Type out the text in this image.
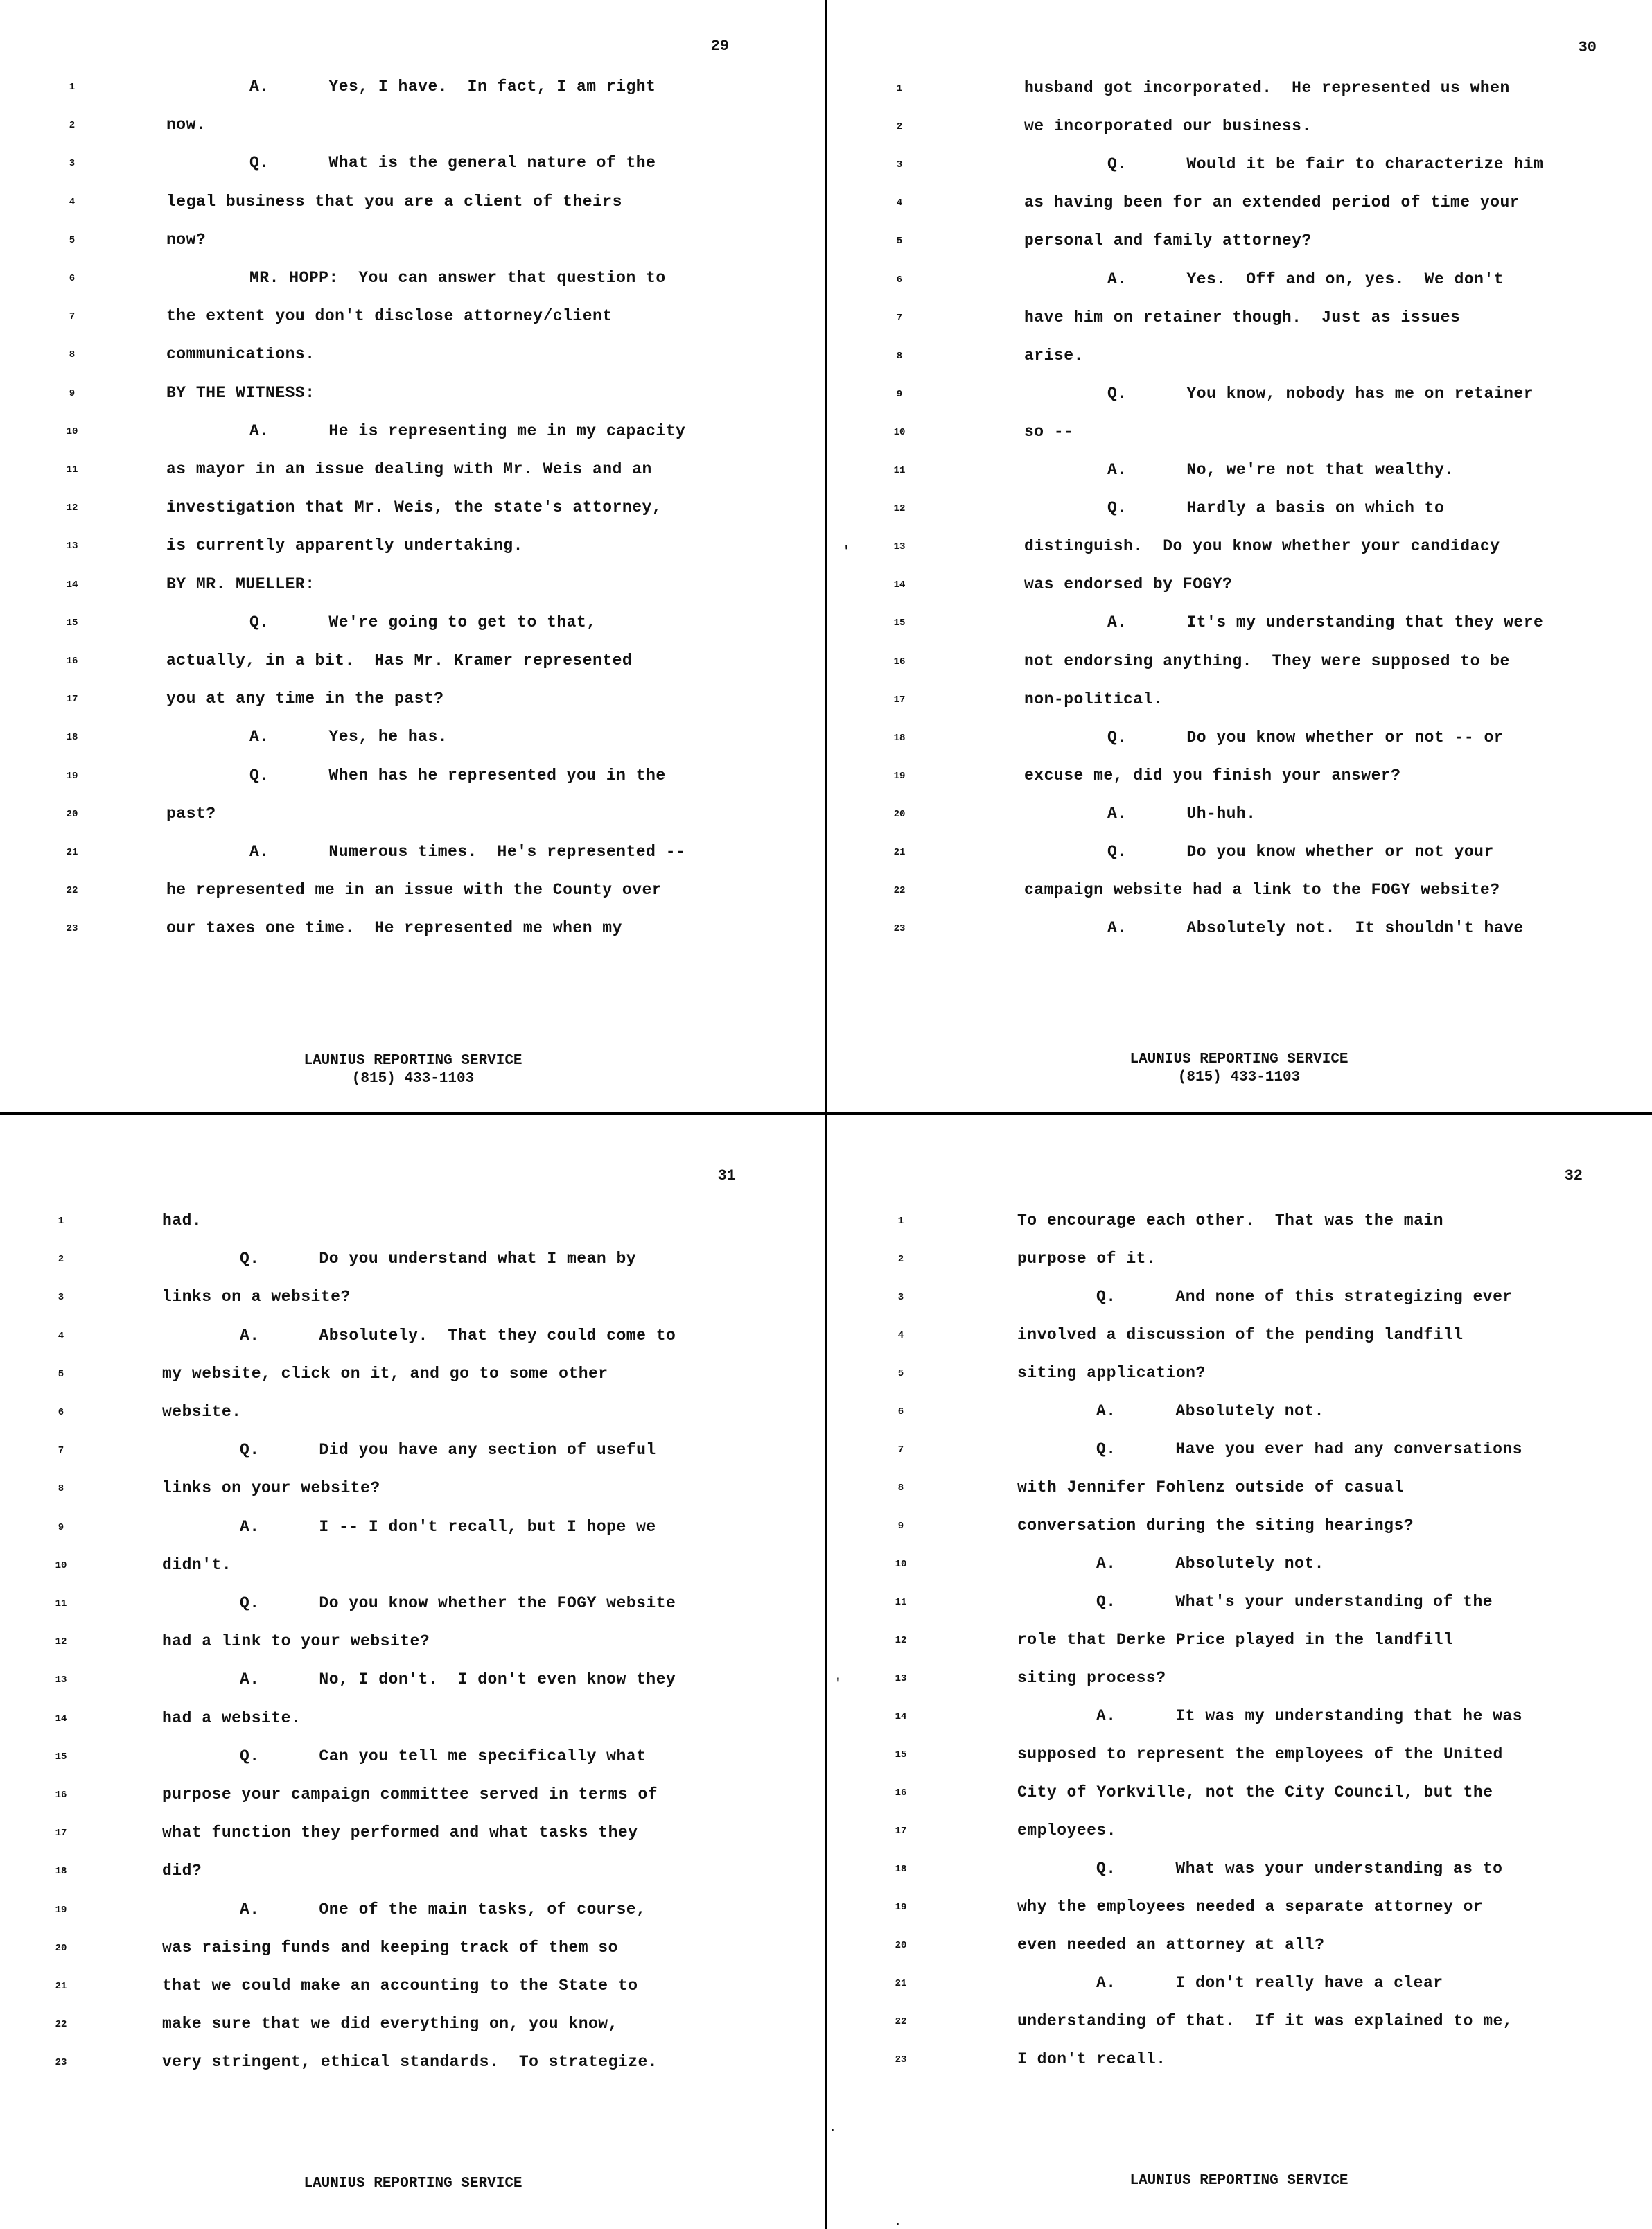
29
1	A.      Yes, I have.  In fact, I am right
2	now.
3	Q.      What is the general nature of the
4	legal business that you are a client of theirs
5	now?
6	MR. HOPP:  You can answer that question to
7	the extent you don't disclose attorney/client
8	communications.
9	BY THE WITNESS:
10	A.      He is representing me in my capacity
11	as mayor in an issue dealing with Mr. Weis and an
12	investigation that Mr. Weis, the state's attorney,
13	is currently apparently undertaking.
14	BY MR. MUELLER:
15	Q.      We're going to get to that,
16	actually, in a bit.  Has Mr. Kramer represented
17	you at any time in the past?
18	A.      Yes, he has.
19	Q.      When has he represented you in the
20	past?
21	A.      Numerous times.  He's represented --
22	he represented me in an issue with the County over
23	our taxes one time.  He represented me when my
LAUNIUS REPORTING SERVICE
(815) 433-1103
30
1	husband got incorporated.  He represented us when
2	we incorporated our business.
3	Q.      Would it be fair to characterize him
4	as having been for an extended period of time your
5	personal and family attorney?
6	A.      Yes.  Off and on, yes.  We don't
7	have him on retainer though.  Just as issues
8	arise.
9	Q.      You know, nobody has me on retainer
10	so --
11	A.      No, we're not that wealthy.
12	Q.      Hardly a basis on which to
13	distinguish.  Do you know whether your candidacy
14	was endorsed by FOGY?
15	A.      It's my understanding that they were
16	not endorsing anything.  They were supposed to be
17	non-political.
18	Q.      Do you know whether or not -- or
19	excuse me, did you finish your answer?
20	A.      Uh-huh.
21	Q.      Do you know whether or not your
22	campaign website had a link to the FOGY website?
23	A.      Absolutely not.  It shouldn't have
LAUNIUS REPORTING SERVICE
(815) 433-1103
31
1	had.
2	Q.      Do you understand what I mean by
3	links on a website?
4	A.      Absolutely.  That they could come to
5	my website, click on it, and go to some other
6	website.
7	Q.      Did you have any section of useful
8	links on your website?
9	A.      I -- I don't recall, but I hope we
10	didn't.
11	Q.      Do you know whether the FOGY website
12	had a link to your website?
13	A.      No, I don't.  I don't even know they
14	had a website.
15	Q.      Can you tell me specifically what
16	purpose your campaign committee served in terms of
17	what function they performed and what tasks they
18	did?
19	A.      One of the main tasks, of course,
20	was raising funds and keeping track of them so
21	that we could make an accounting to the State to
22	make sure that we did everything on, you know,
23	very stringent, ethical standards.  To strategize.
LAUNIUS REPORTING SERVICE
32
1	To encourage each other.  That was the main
2	purpose of it.
3	Q.      And none of this strategizing ever
4	involved a discussion of the pending landfill
5	siting application?
6	A.      Absolutely not.
7	Q.      Have you ever had any conversations
8	with Jennifer Fohlenz outside of casual
9	conversation during the siting hearings?
10	A.      Absolutely not.
11	Q.      What's your understanding of the
12	role that Derke Price played in the landfill
13	siting process?
14	A.      It was my understanding that he was
15	supposed to represent the employees of the United
16	City of Yorkville, not the City Council, but the
17	employees.
18	Q.      What was your understanding as to
19	why the employees needed a separate attorney or
20	even needed an attorney at all?
21	A.      I don't really have a clear
22	understanding of that.  If it was explained to me,
23	I don't recall.
LAUNIUS REPORTING SERVICE
'
'
.
.
